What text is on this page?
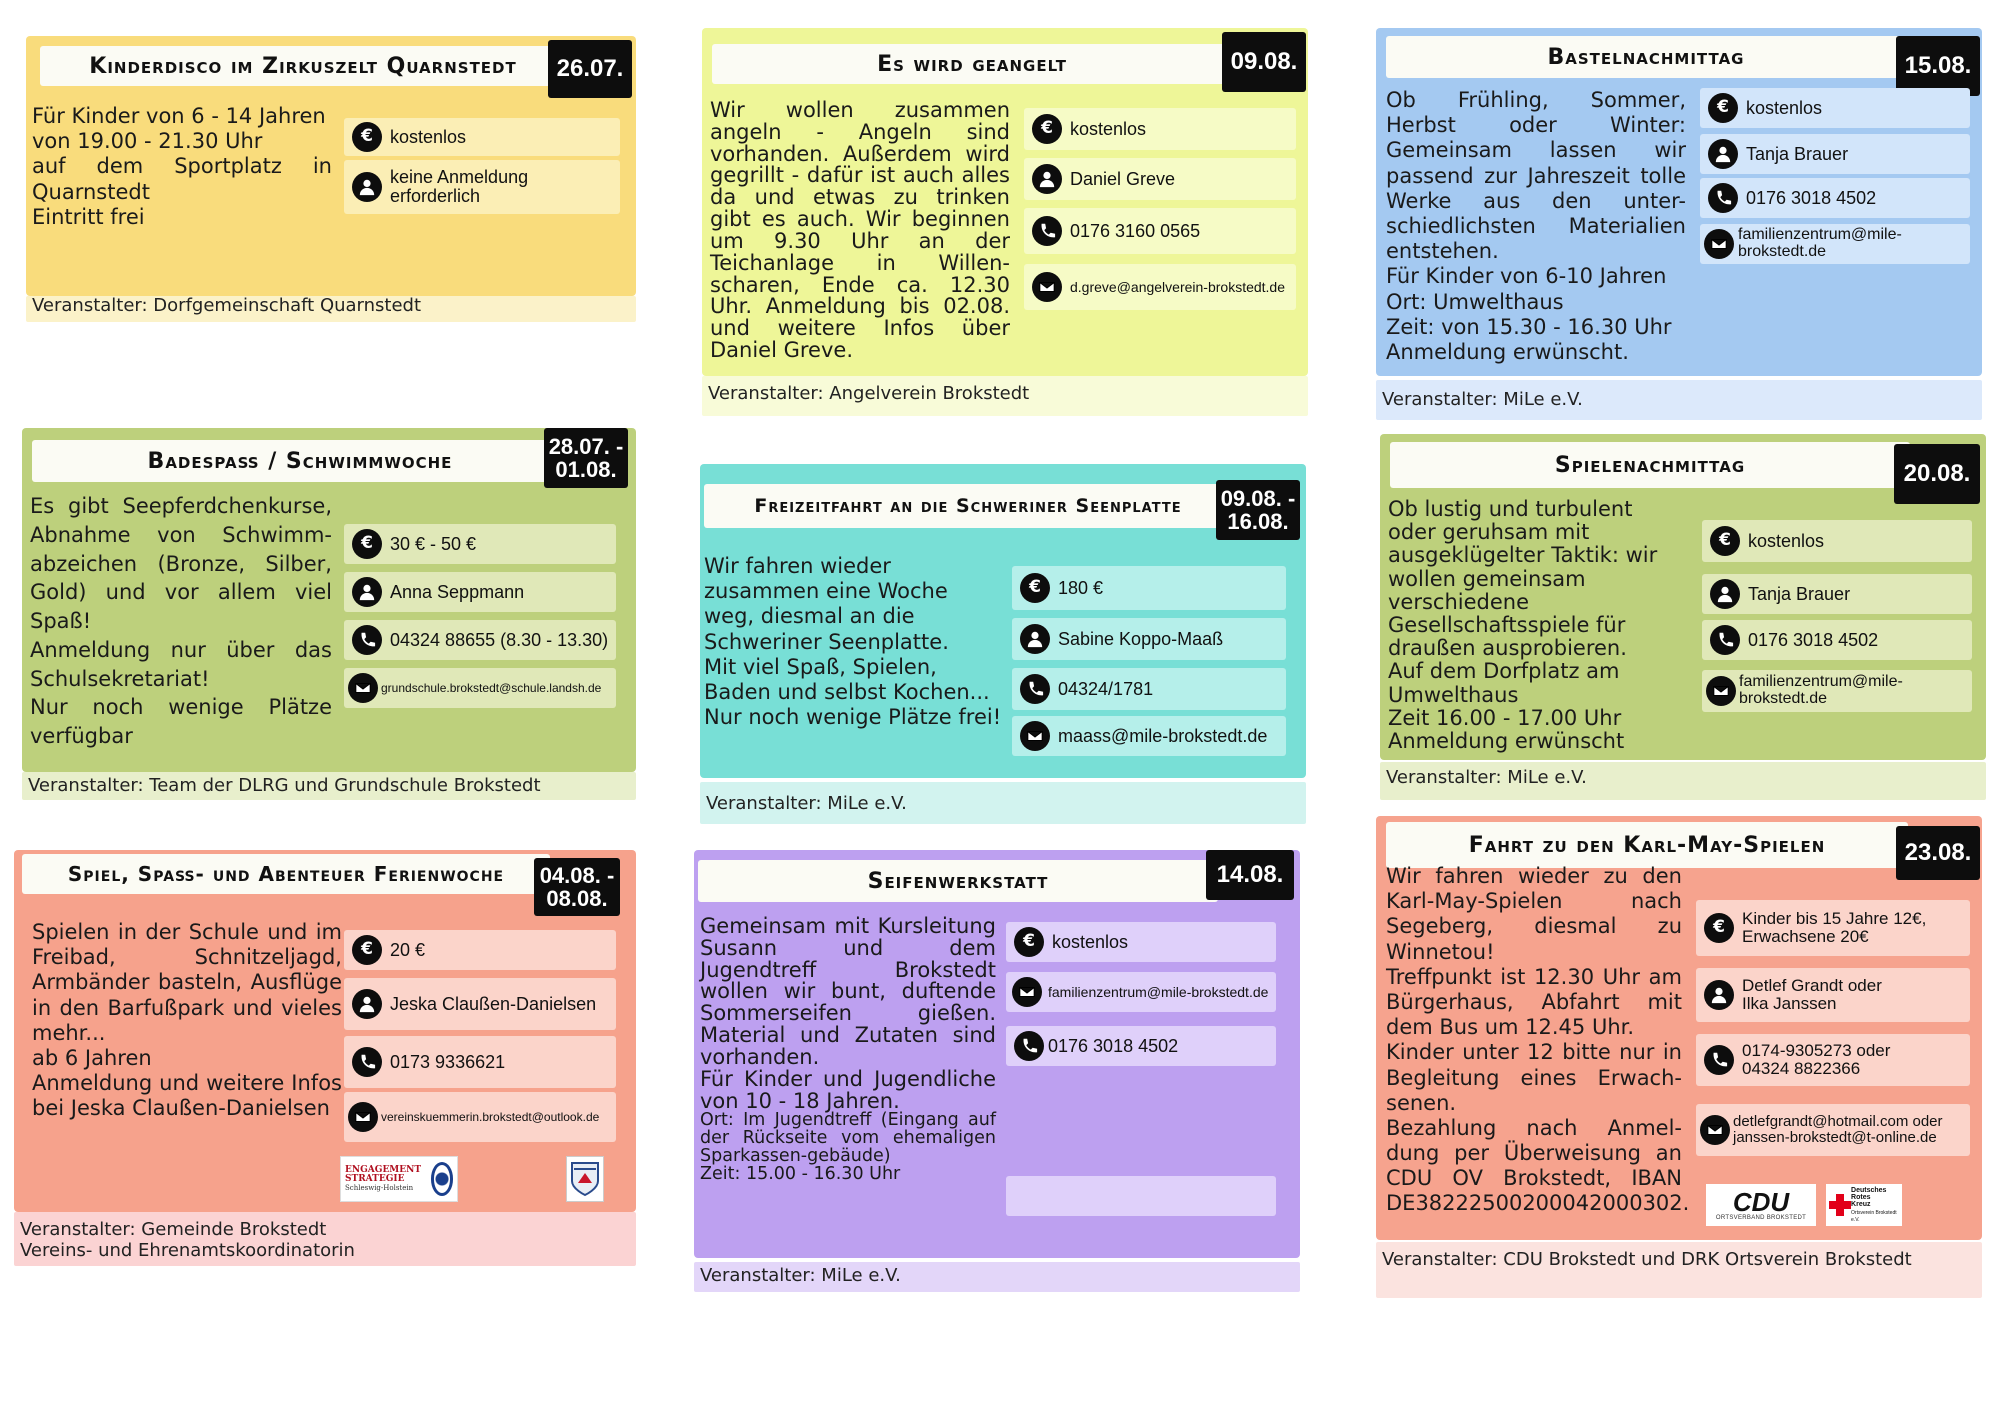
Kinderdisco im Zirkuszelt Quarnstedt	26.07.
Für Kinder von 6 - 14 Jahren
von 19.00 - 21.30 Uhr
auf dem Sportplatz in Quarnstedt
Eintritt frei
€ kostenlos
keine Anmeldung
erforderlich
Veranstalter: Dorfgemeinschaft Quarnstedt
Es wird geangelt	09.08.
Wir wollen zusammen angeln - Angeln sind vorhanden. Außerdem wird gegrillt - dafür ist auch alles da und etwas zu trinken gibt es auch. Wir beginnen um 9.30 Uhr an der Teichanlage in Willen-scharen, Ende ca. 12.30 Uhr. Anmeldung bis 02.08. und weitere Infos über Daniel Greve.
€ kostenlos
Daniel Greve
0176 3160 0565
d.greve@angelverein-brokstedt.de
Veranstalter: Angelverein Brokstedt
Bastelnachmittag	15.08.
Ob Frühling, Sommer, Herbst oder Winter: Gemeinsam lassen wir passend zur Jahreszeit tolle Werke aus den unter-schiedlichsten Materialien entstehen.
Für Kinder von 6-10 Jahren
Ort: Umwelthaus
Zeit: von 15.30 - 16.30 Uhr
Anmeldung erwünscht.
€ kostenlos
Tanja Brauer
0176 3018 4502
familienzentrum@mile-brokstedt.de
Veranstalter: MiLe e.V.
Badespaß / Schwimmwoche
28.07. - 01.08.
Es gibt Seepferdchenkurse, Abnahme von Schwimm-abzeichen (Bronze, Silber, Gold) und vor allem viel Spaß!
Anmeldung nur über das Schulsekretariat!
Nur noch wenige Plätze verfügbar
€ 30 € - 50 €
Anna Seppmann
04324 88655 (8.30 - 13.30)
grundschule.brokstedt@schule.landsh.de
Veranstalter: Team der DLRG und Grundschule Brokstedt
Freizeitfahrt an die Schweriner Seenplatte	09.08. - 16.08.
Wir fahren wieder
zusammen eine Woche
weg, diesmal an die
Schweriner Seenplatte.
Mit viel Spaß, Spielen,
Baden und selbst Kochen...
Nur noch wenige Plätze frei!
€ 180 €
Sabine Koppo-Maaß
04324/1781
maass@mile-brokstedt.de
Veranstalter: MiLe e.V.
Spielenachmittag	20.08.
Ob lustig und turbulent
oder geruhsam mit
ausgeklügelter Taktik: wir
wollen gemeinsam
verschiedene
Gesellschaftsspiele für
draußen ausprobieren.
Auf dem Dorfplatz am
Umwelthaus
Zeit 16.00 - 17.00 Uhr
Anmeldung erwünscht
€ kostenlos
Tanja Brauer
0176 3018 4502
familienzentrum@mile-brokstedt.de
Veranstalter: MiLe e.V.
Spiel, Spaß- und Abenteuer Ferienwoche	04.08. - 08.08.
Spielen in der Schule und im Freibad, Schnitzeljagd, Armbänder basteln, Ausflüge in den Barfußpark und vieles mehr...
ab 6 Jahren
Anmeldung und weitere Infos bei Jeska Claußen-Danielsen
€ 20 €
Jeska Claußen-Danielsen
0173 9336621
vereinskuemmerin.brokstedt@outlook.de
ENGAGEMENT STRATEGIE
Schleswig-Holstein
Veranstalter: Gemeinde Brokstedt
Vereins- und Ehrenamtskoordinatorin
Seifenwerkstatt	14.08.
Gemeinsam mit Kursleitung Susann und dem Jugendtreff Brokstedt wollen wir bunt, duftende Sommerseifen gießen. Material und Zutaten sind vorhanden.
Für Kinder und Jugendliche von 10 - 18 Jahren.
Ort: Im Jugendtreff (Eingang auf der Rückseite vom ehemaligen Sparkassen-gebäude)
Zeit: 15.00 - 16.30 Uhr
€ kostenlos
familienzentrum@mile-brokstedt.de
0176 3018 4502
Veranstalter: MiLe e.V.
Fahrt zu den Karl-May-Spielen	23.08.
Wir fahren wieder zu den Karl-May-Spielen nach Segeberg, diesmal zu Winnetou!
Treffpunkt ist 12.30 Uhr am Bürgerhaus, Abfahrt mit dem Bus um 12.45 Uhr.
Kinder unter 12 bitte nur in Begleitung eines Erwach-senen.
Bezahlung nach Anmel-dung per Überweisung an CDU OV Brokstedt, IBAN DE38222500200042000302.
€	Kinder bis 15 Jahre 12€,
Erwachsene 20€
Detlef Grandt oder
Ilka Janssen
0174-9305273 oder
04324 8822366
detlefgrandt@hotmail.com oder
janssen-brokstedt@t-online.de
CDU
ORTSVERBAND BROKSTEDT
Deutsches
Rotes
Kreuz
Ortsverein Brokstedt e.V.
Veranstalter: CDU Brokstedt und DRK Ortsverein Brokstedt
